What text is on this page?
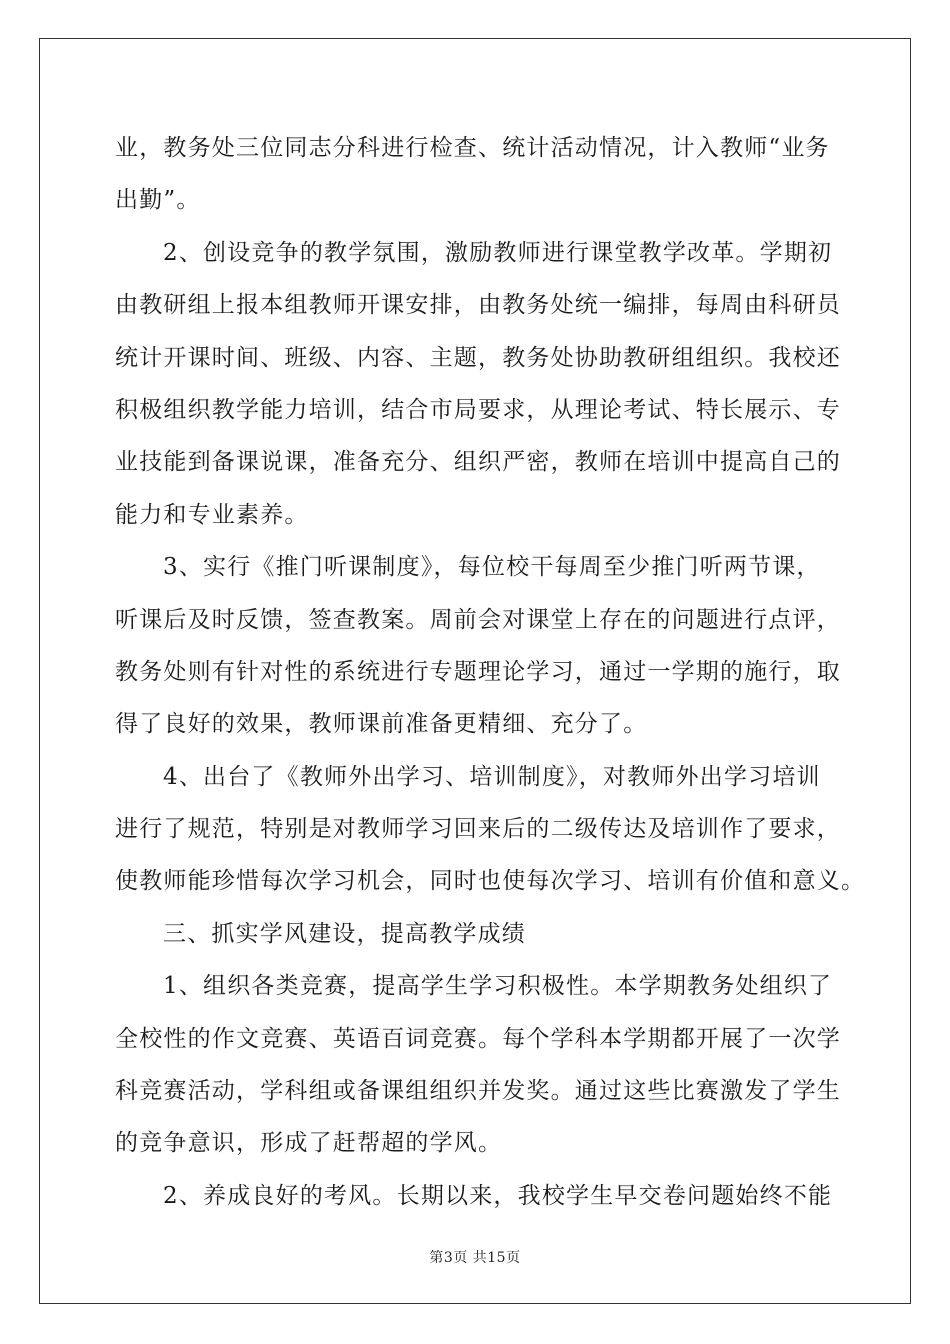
业，教务处三位同志分科进行检查、统计活动情况，计入教师“业务
出勤”。
2、创设竞争的教学氛围，激励教师进行课堂教学改革。学期初
由教研组上报本组教师开课安排，由教务处统一编排，每周由科研员
统计开课时间、班级、内容、主题，教务处协助教研组组织。我校还
积极组织教学能力培训，结合市局要求，从理论考试、特长展示、专
业技能到备课说课，准备充分、组织严密，教师在培训中提高自己的
能力和专业素养。
3、实行《推门听课制度》，每位校干每周至少推门听两节课，
听课后及时反馈，签查教案。周前会对课堂上存在的问题进行点评，
教务处则有针对性的系统进行专题理论学习，通过一学期的施行，取
得了良好的效果，教师课前准备更精细、充分了。
4、出台了《教师外出学习、培训制度》，对教师外出学习培训
进行了规范，特别是对教师学习回来后的二级传达及培训作了要求，
使教师能珍惜每次学习机会，同时也使每次学习、培训有价值和意义。
三、抓实学风建设，提高教学成绩
1、组织各类竞赛，提高学生学习积极性。本学期教务处组织了
全校性的作文竞赛、英语百词竞赛。每个学科本学期都开展了一次学
科竞赛活动，学科组或备课组组织并发奖。通过这些比赛激发了学生
的竞争意识，形成了赶帮超的学风。
2、养成良好的考风。长期以来，我校学生早交卷问题始终不能
第3页 共15页
